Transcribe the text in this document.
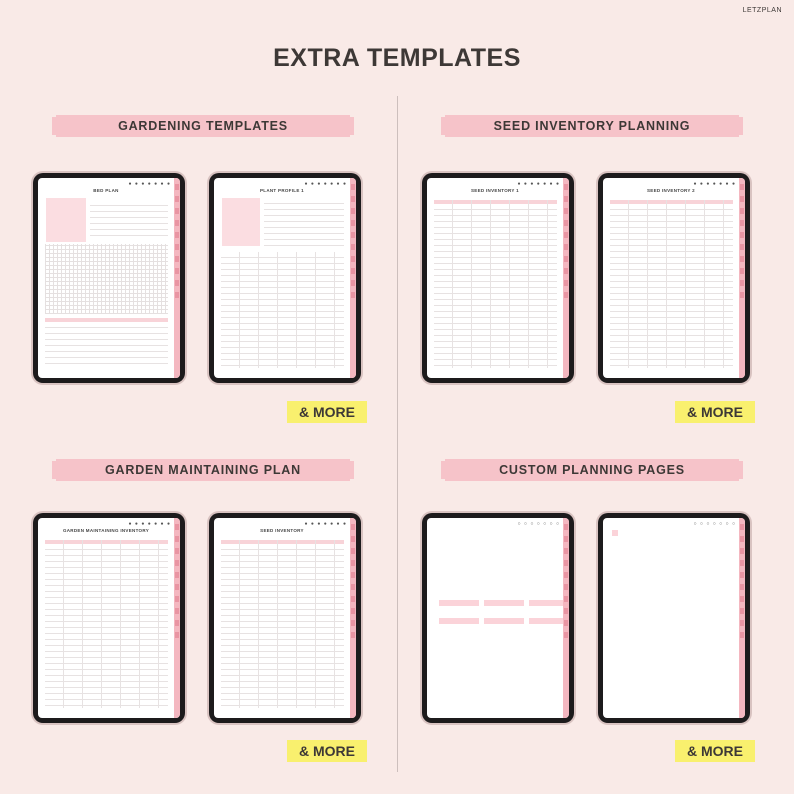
LETZPLAN
EXTRA TEMPLATES
GARDENING TEMPLATES
● ● ● ● ● ● ●
BED PLAN
● ● ● ● ● ● ●
PLANT PROFILE 1
& MORE
SEED INVENTORY PLANNING
● ● ● ● ● ● ●
SEED INVENTORY 1
● ● ● ● ● ● ●
SEED INVENTORY 2
& MORE
GARDEN MAINTAINING PLAN
● ● ● ● ● ● ●
GARDEN MAINTAINING INVENTORY
● ● ● ● ● ● ●
SEED INVENTORY
& MORE
CUSTOM PLANNING PAGES
○ ○ ○ ○ ○ ○ ○	○ ○ ○ ○ ○ ○ ○
& MORE
